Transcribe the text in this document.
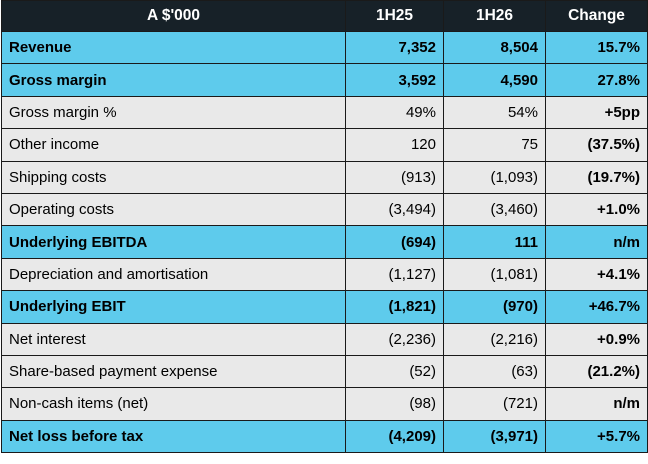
A $'000	1H25	1H26	Change
Revenue	7,352	8,504	15.7%
Gross margin	3,592	4,590	27.8%
Gross margin %	49%	54%	+5pp
Other income	120	75	(37.5%)
Shipping costs	(913)	(1,093)	(19.7%)
Operating costs	(3,494)	(3,460)	+1.0%
Underlying EBITDA	(694)	111	n/m
Depreciation and amortisation	(1,127)	(1,081)	+4.1%
Underlying EBIT	(1,821)	(970)	+46.7%
Net interest	(2,236)	(2,216)	+0.9%
Share-based payment expense	(52)	(63)	(21.2%)
Non-cash items (net)	(98)	(721)	n/m
Net loss before tax	(4,209)	(3,971)	+5.7%
